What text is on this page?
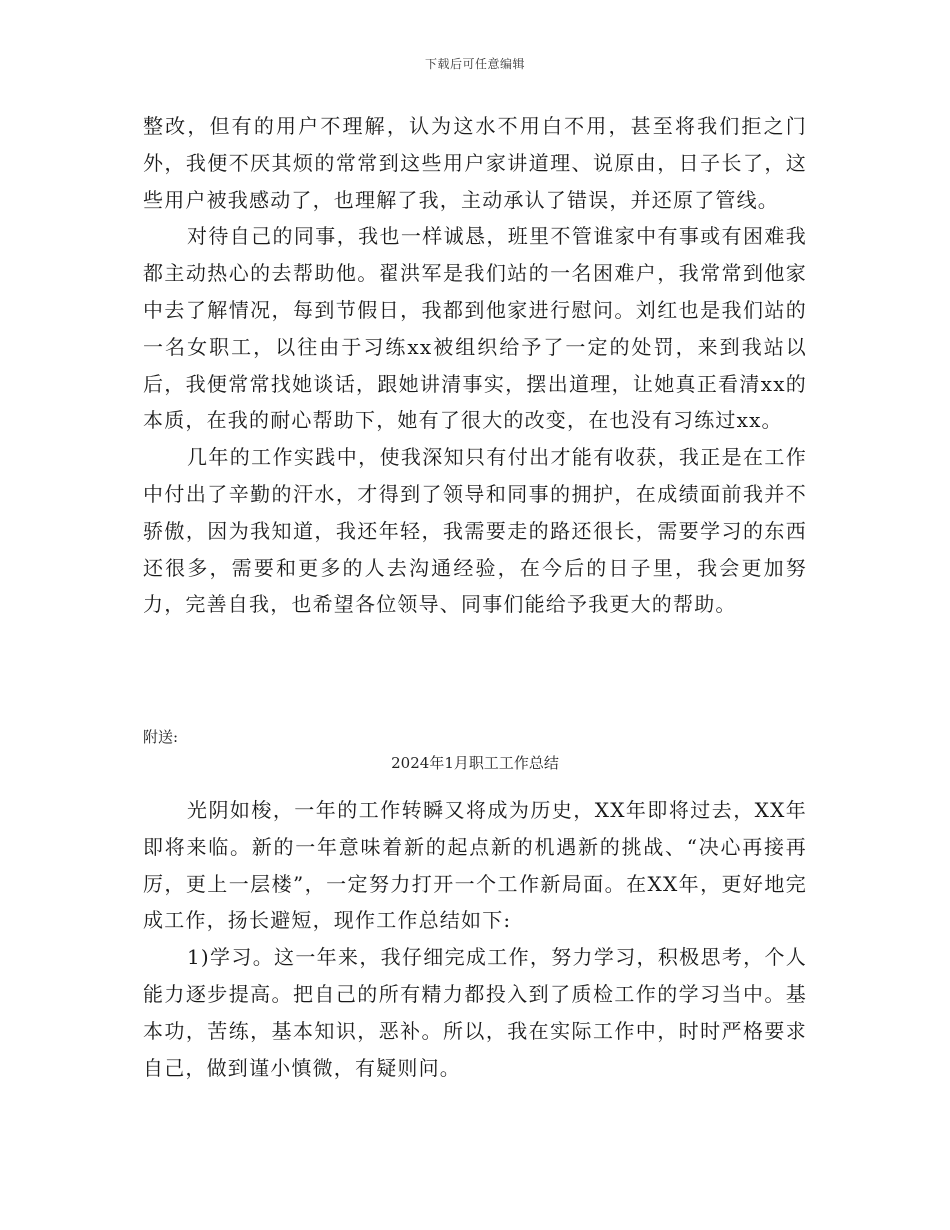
下载后可任意编辑

整改，但有的用户不理解，认为这水不用白不用，甚至将我们拒之门外，我便不厌其烦的常常到这些用户家讲道理、说原由，日子长了，这些用户被我感动了，也理解了我，主动承认了错误，并还原了管线。

对待自己的同事，我也一样诚恳，班里不管谁家中有事或有困难我都主动热心的去帮助他。翟洪军是我们站的一名困难户，我常常到他家中去了解情况，每到节假日，我都到他家进行慰问。刘红也是我们站的一名女职工，以往由于习练xx被组织给予了一定的处罚，来到我站以后，我便常常找她谈话，跟她讲清事实，摆出道理，让她真正看清xx的本质，在我的耐心帮助下，她有了很大的改变，在也没有习练过xx。

几年的工作实践中，使我深知只有付出才能有收获，我正是在工作中付出了辛勤的汗水，才得到了领导和同事的拥护，在成绩面前我并不骄傲，因为我知道，我还年轻，我需要走的路还很长，需要学习的东西还很多，需要和更多的人去沟通经验，在今后的日子里，我会更加努力，完善自我，也希望各位领导、同事们能给予我更大的帮助。

附送:
2024年1月职工工作总结

光阴如梭，一年的工作转瞬又将成为历史，XX年即将过去，XX年即将来临。新的一年意味着新的起点新的机遇新的挑战、“决心再接再厉，更上一层楼”，一定努力打开一个工作新局面。在XX年，更好地完成工作，扬长避短，现作工作总结如下:

1)学习。这一年来，我仔细完成工作，努力学习，积极思考，个人能力逐步提高。把自己的所有精力都投入到了质检工作的学习当中。基本功，苦练，基本知识，恶补。所以，我在实际工作中，时时严格要求自己，做到谨小慎微，有疑则问。
